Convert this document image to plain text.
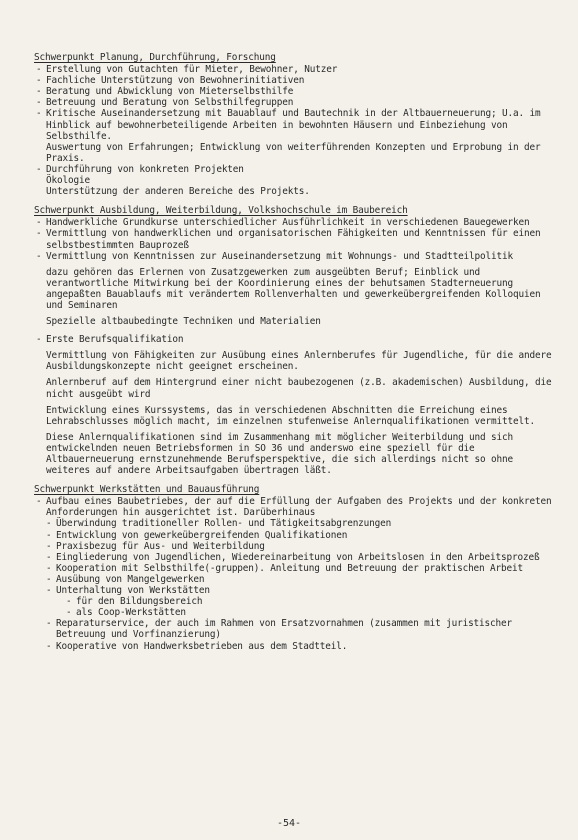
Schwerpunkt Planung, Durchführung, Forschung
- Erstellung von Gutachten für Mieter, Bewohner, Nutzer
- Fachliche Unterstützung von Bewohnerinitiativen
- Beratung und Abwicklung von Mieterselbsthilfe
- Betreuung und Beratung von Selbsthilfegruppen
- Kritische Auseinandersetzung mit Bauablauf und Bautechnik in der Altbauerneuerung; U.a. im Hinblick auf bewohnerbeteiligende Arbeiten in bewohnten Häusern und Einbeziehung von Selbsthilfe.
Auswertung von Erfahrungen; Entwicklung von weiterführenden Konzepten und Erprobung in der Praxis.
- Durchführung von konkreten Projekten
Ökologie
Unterstützung der anderen Bereiche des Projekts.
Schwerpunkt Ausbildung, Weiterbildung, Volkshochschule im Baubereich
- Handwerkliche Grundkurse unterschiedlicher Ausführlichkeit in verschiedenen Bauegewerken
- Vermittlung von handwerklichen und organisatorischen Fähigkeiten und Kenntnissen für einen selbstbestimmten Bauprozeß
- Vermittlung von Kenntnissen zur Auseinandersetzung mit Wohnungs- und Stadtteilpolitik
dazu gehören das Erlernen von Zusatzgewerken zum ausgeübten Beruf; Einblick und verantwortliche Mitwirkung bei der Koordinierung eines der behutsamen Stadterneuerung angepaßten Bauablaufs mit verändertem Rollenverhalten und gewerkeübergreifenden Kolloquien und Seminaren
Spezielle altbaubedingte Techniken und Materialien
- Erste Berufsqualifikation
Vermittlung von Fähigkeiten zur Ausübung eines Anlernberufes für Jugendliche, für die andere Ausbildungskonzepte nicht geeignet erscheinen.
Anlernberuf auf dem Hintergrund einer nicht baubezogenen (z.B. akademischen) Ausbildung, die nicht ausgeübt wird
Entwicklung eines Kurssystems, das in verschiedenen Abschnitten die Erreichung eines Lehrabschlusses möglich macht, im einzelnen stufenweise Anlernqualifikationen vermittelt.
Diese Anlernqualifikationen sind im Zusammenhang mit möglicher Weiterbildung und sich entwickelnden neuen Betriebsformen in SO 36 und anderswo eine speziell für die Altbauerneuerung ernstzunehmende Berufsperspektive, die sich allerdings nicht so ohne weiteres auf andere Arbeitsaufgaben übertragen läßt.
Schwerpunkt Werkstätten und Bauausführung
- Aufbau eines Baubetriebes, der auf die Erfüllung der Aufgaben des Projekts und der konkreten Anforderungen hin ausgerichtet ist. Darüberhinaus
- Überwindung traditioneller Rollen- und Tätigkeitsabgrenzungen
- Entwicklung von gewerkeübergreifenden Qualifikationen
- Praxisbezug für Aus- und Weiterbildung
- Eingliederung von Jugendlichen, Wiedereinarbeitung von Arbeitslosen in den Arbeitsprozeß
- Kooperation mit Selbsthilfe(-gruppen). Anleitung und Betreuung der praktischen Arbeit
- Ausübung von Mangelgewerken
- Unterhaltung von Werkstätten
- für den Bildungsbereich
- als Coop-Werkstätten
- Reparaturservice, der auch im Rahmen von Ersatzvornahmen (zusammen mit juristischer Betreuung und Vorfinanzierung)
- Kooperative von Handwerksbetrieben aus dem Stadtteil.
-54-
